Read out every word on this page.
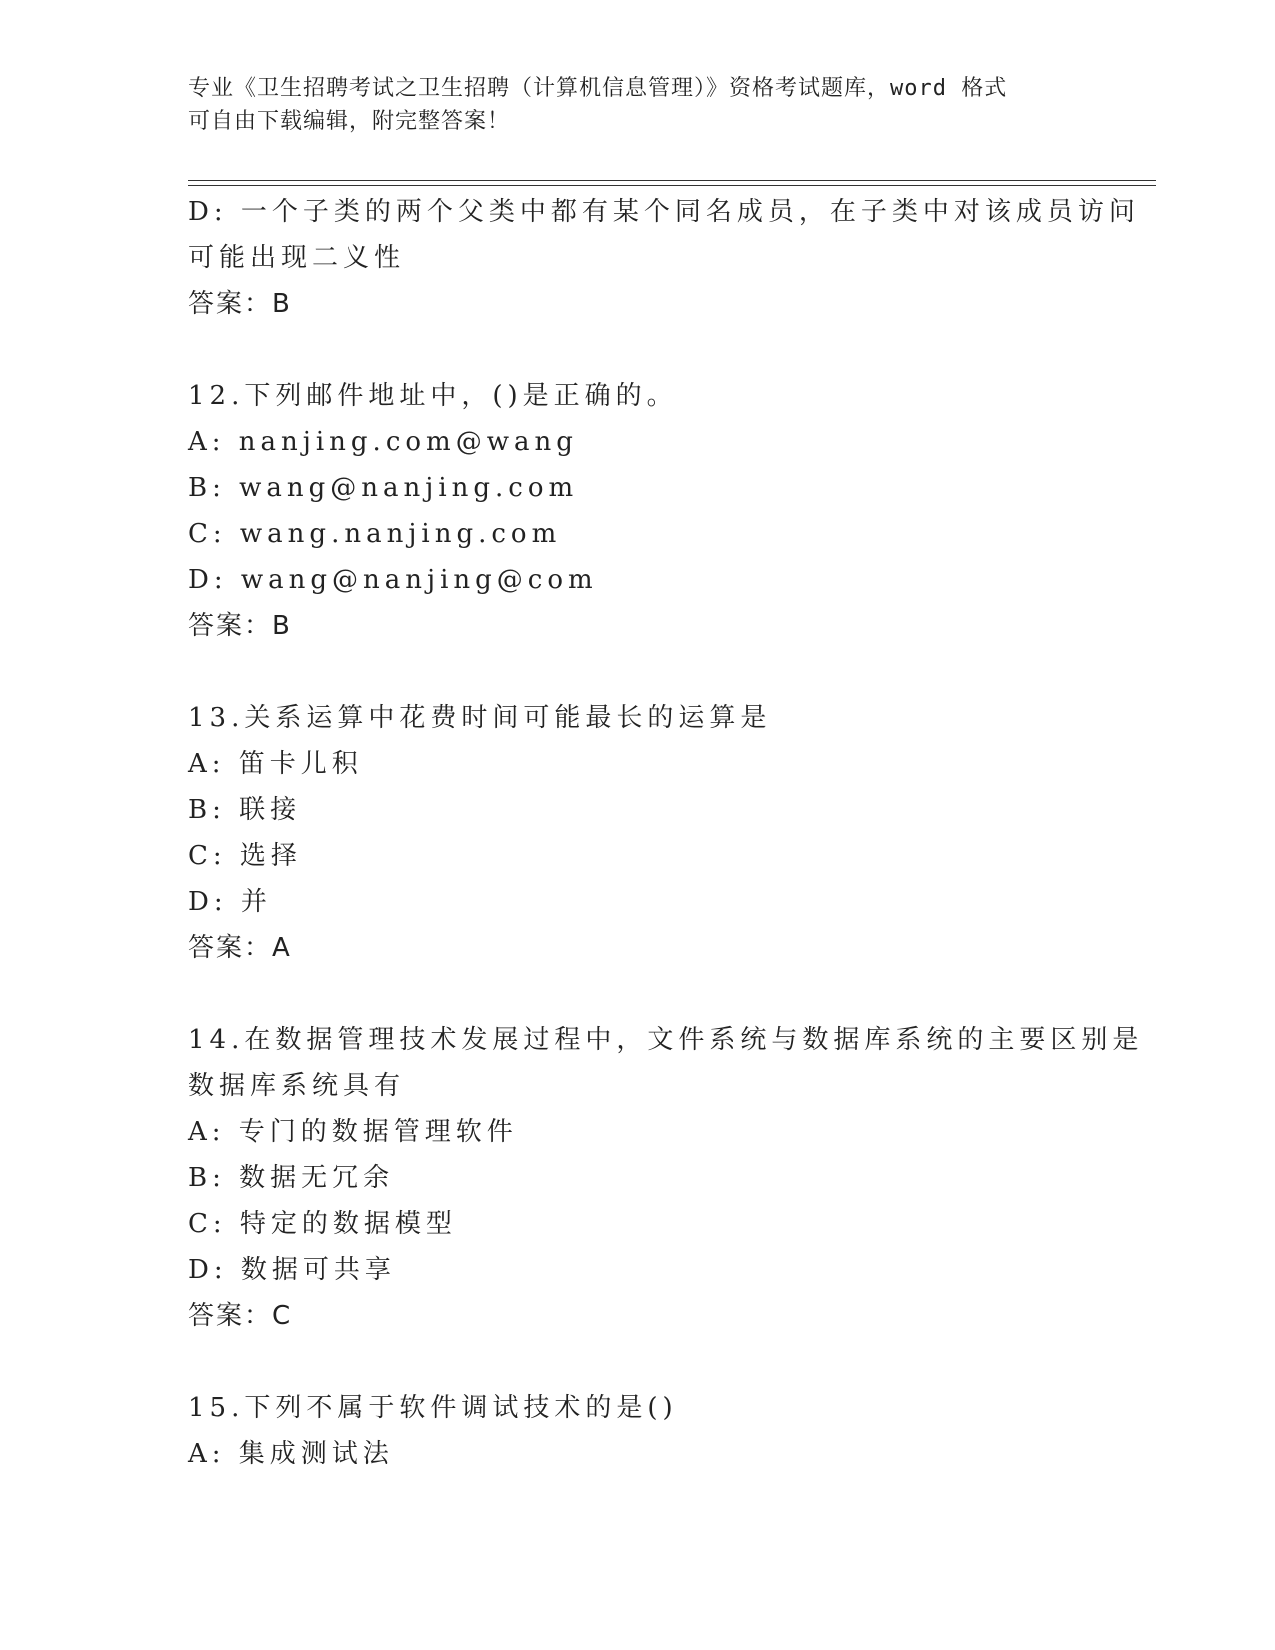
专业《卫生招聘考试之卫生招聘（计算机信息管理）》资格考试题库，word 格式
可自由下载编辑，附完整答案！
D: 一个子类的两个父类中都有某个同名成员，在子类中对该成员访问
可能出现二义性
答案：B
12.下列邮件地址中，()是正确的。
A: nanjing.com@wang
B: wang@nanjing.com
C: wang.nanjing.com
D: wang@nanjing@com
答案：B
13.关系运算中花费时间可能最长的运算是
A: 笛卡儿积
B: 联接
C: 选择
D: 并
答案：A
14.在数据管理技术发展过程中，文件系统与数据库系统的主要区别是
数据库系统具有
A: 专门的数据管理软件
B: 数据无冗余
C: 特定的数据模型
D: 数据可共享
答案：C
15.下列不属于软件调试技术的是()
A: 集成测试法
